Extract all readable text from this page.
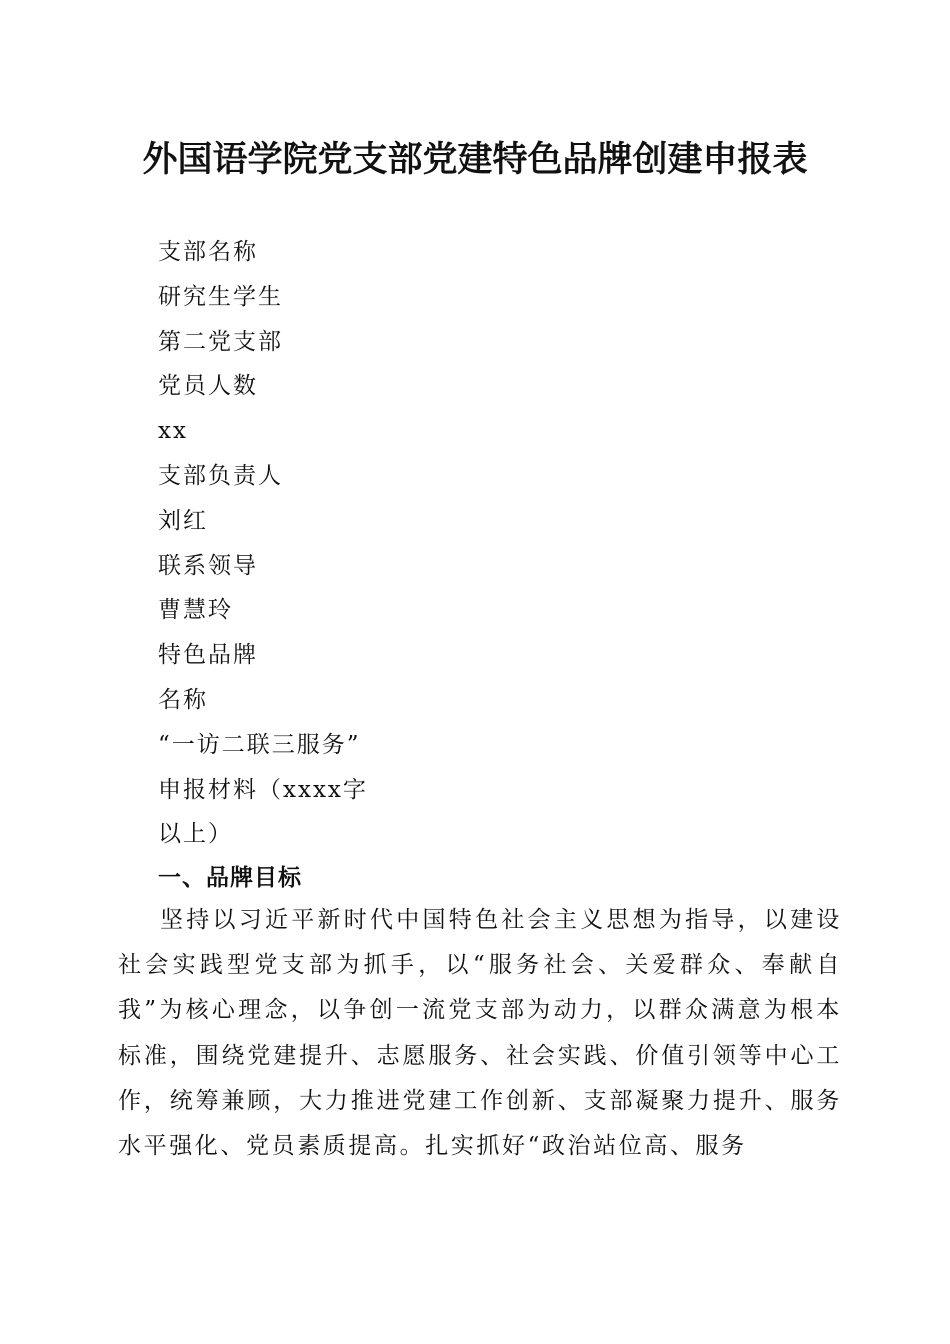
外国语学院党支部党建特色品牌创建申报表
支部名称
研究生学生
第二党支部
党员人数
xx
支部负责人
刘红
联系领导
曹慧玲
特色品牌
名称
“一访二联三服务”
申报材料（xxxx字
以上）
一、品牌目标

坚持以习近平新时代中国特色社会主义思想为指导，以建设社会实践型党支部为抓手，以“服务社会、关爱群众、奉献自我”为核心理念，以争创一流党支部为动力，以群众满意为根本标准，围绕党建提升、志愿服务、社会实践、价值引领等中心工作，统筹兼顾，大力推进党建工作创新、支部凝聚力提升、服务水平强化、党员素质提高。扎实抓好“政治站位高、服务
